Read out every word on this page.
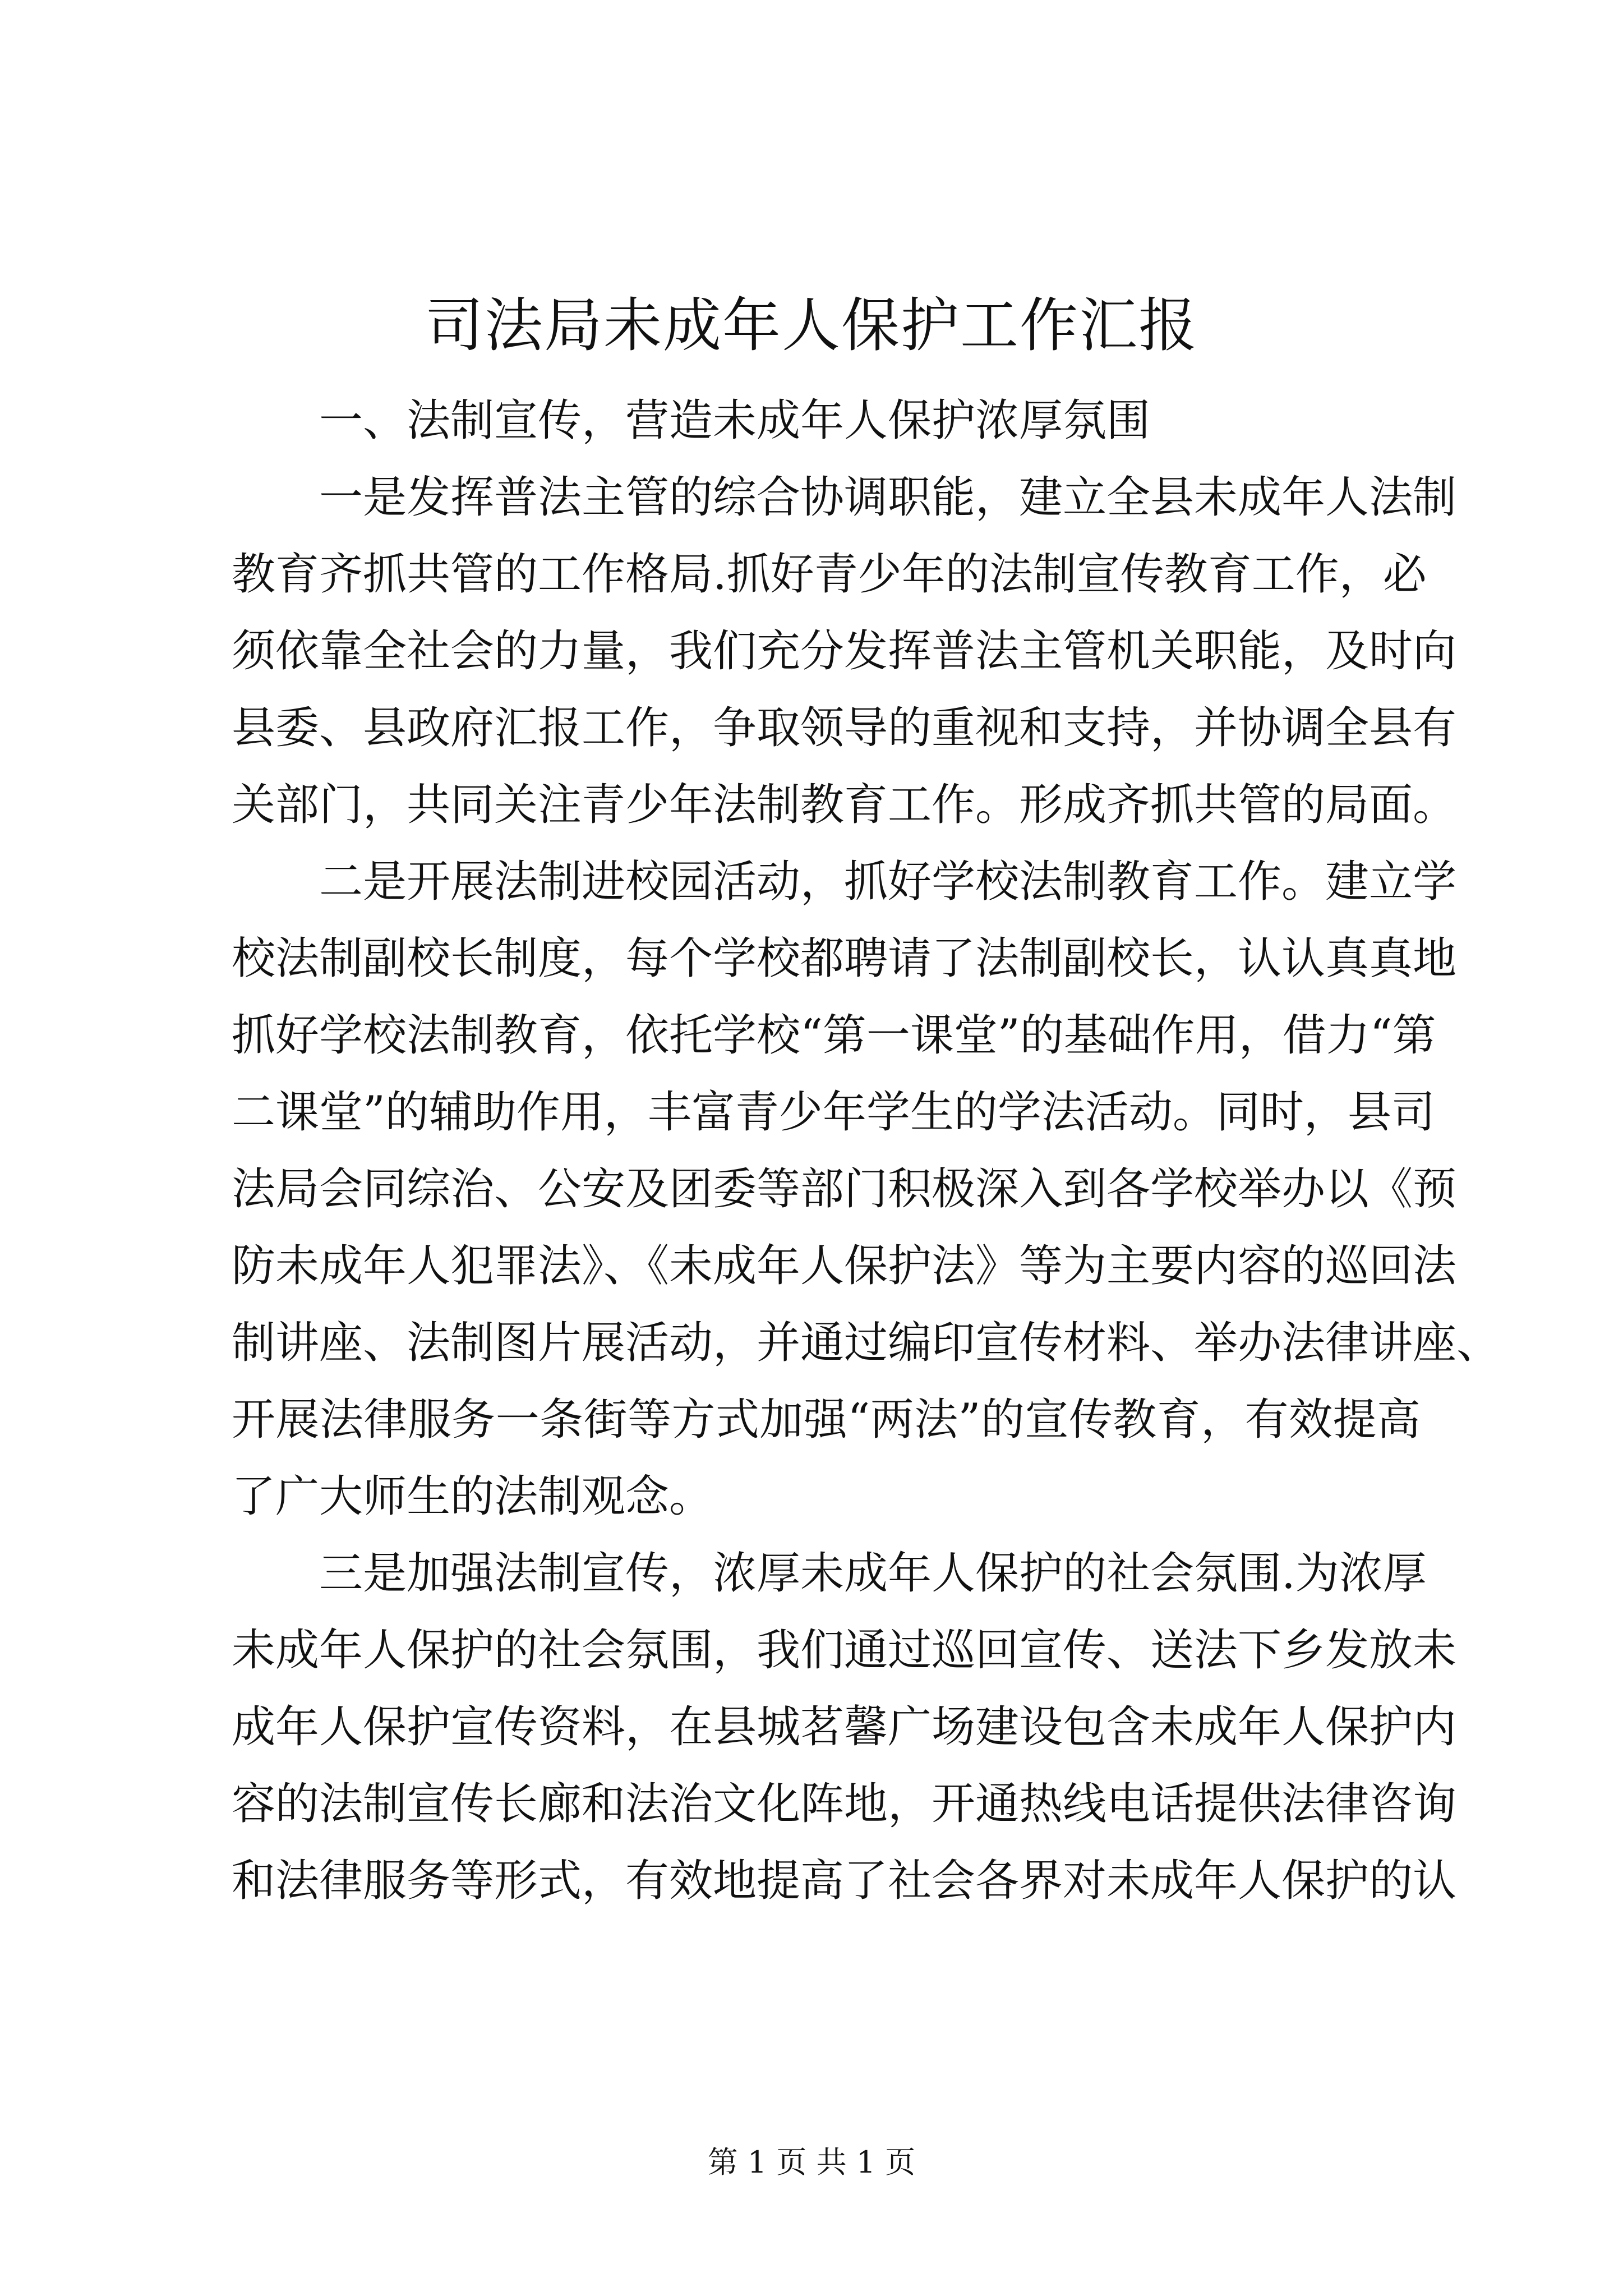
司法局未成年人保护工作汇报
一、法制宣传，营造未成年人保护浓厚氛围
一是发挥普法主管的综合协调职能，建立全县未成年人法制
教育齐抓共管的工作格局.抓好青少年的法制宣传教育工作，必
须依靠全社会的力量，我们充分发挥普法主管机关职能，及时向
县委、县政府汇报工作，争取领导的重视和支持，并协调全县有
关部门，共同关注青少年法制教育工作。形成齐抓共管的局面。
二是开展法制进校园活动，抓好学校法制教育工作。建立学
校法制副校长制度，每个学校都聘请了法制副校长，认认真真地
抓好学校法制教育，依托学校“第一课堂”的基础作用，借力“第
二课堂”的辅助作用，丰富青少年学生的学法活动。同时，县司
法局会同综治、公安及团委等部门积极深入到各学校举办以《预
防未成年人犯罪法》、《未成年人保护法》等为主要内容的巡回法
制讲座、法制图片展活动，并通过编印宣传材料、举办法律讲座、
开展法律服务一条街等方式加强“两法”的宣传教育，有效提高
了广大师生的法制观念。
三是加强法制宣传，浓厚未成年人保护的社会氛围.为浓厚
未成年人保护的社会氛围，我们通过巡回宣传、送法下乡发放未
成年人保护宣传资料，在县城茗馨广场建设包含未成年人保护内
容的法制宣传长廊和法治文化阵地，开通热线电话提供法律咨询
和法律服务等形式，有效地提高了社会各界对未成年人保护的认
第 1 页 共 1 页
